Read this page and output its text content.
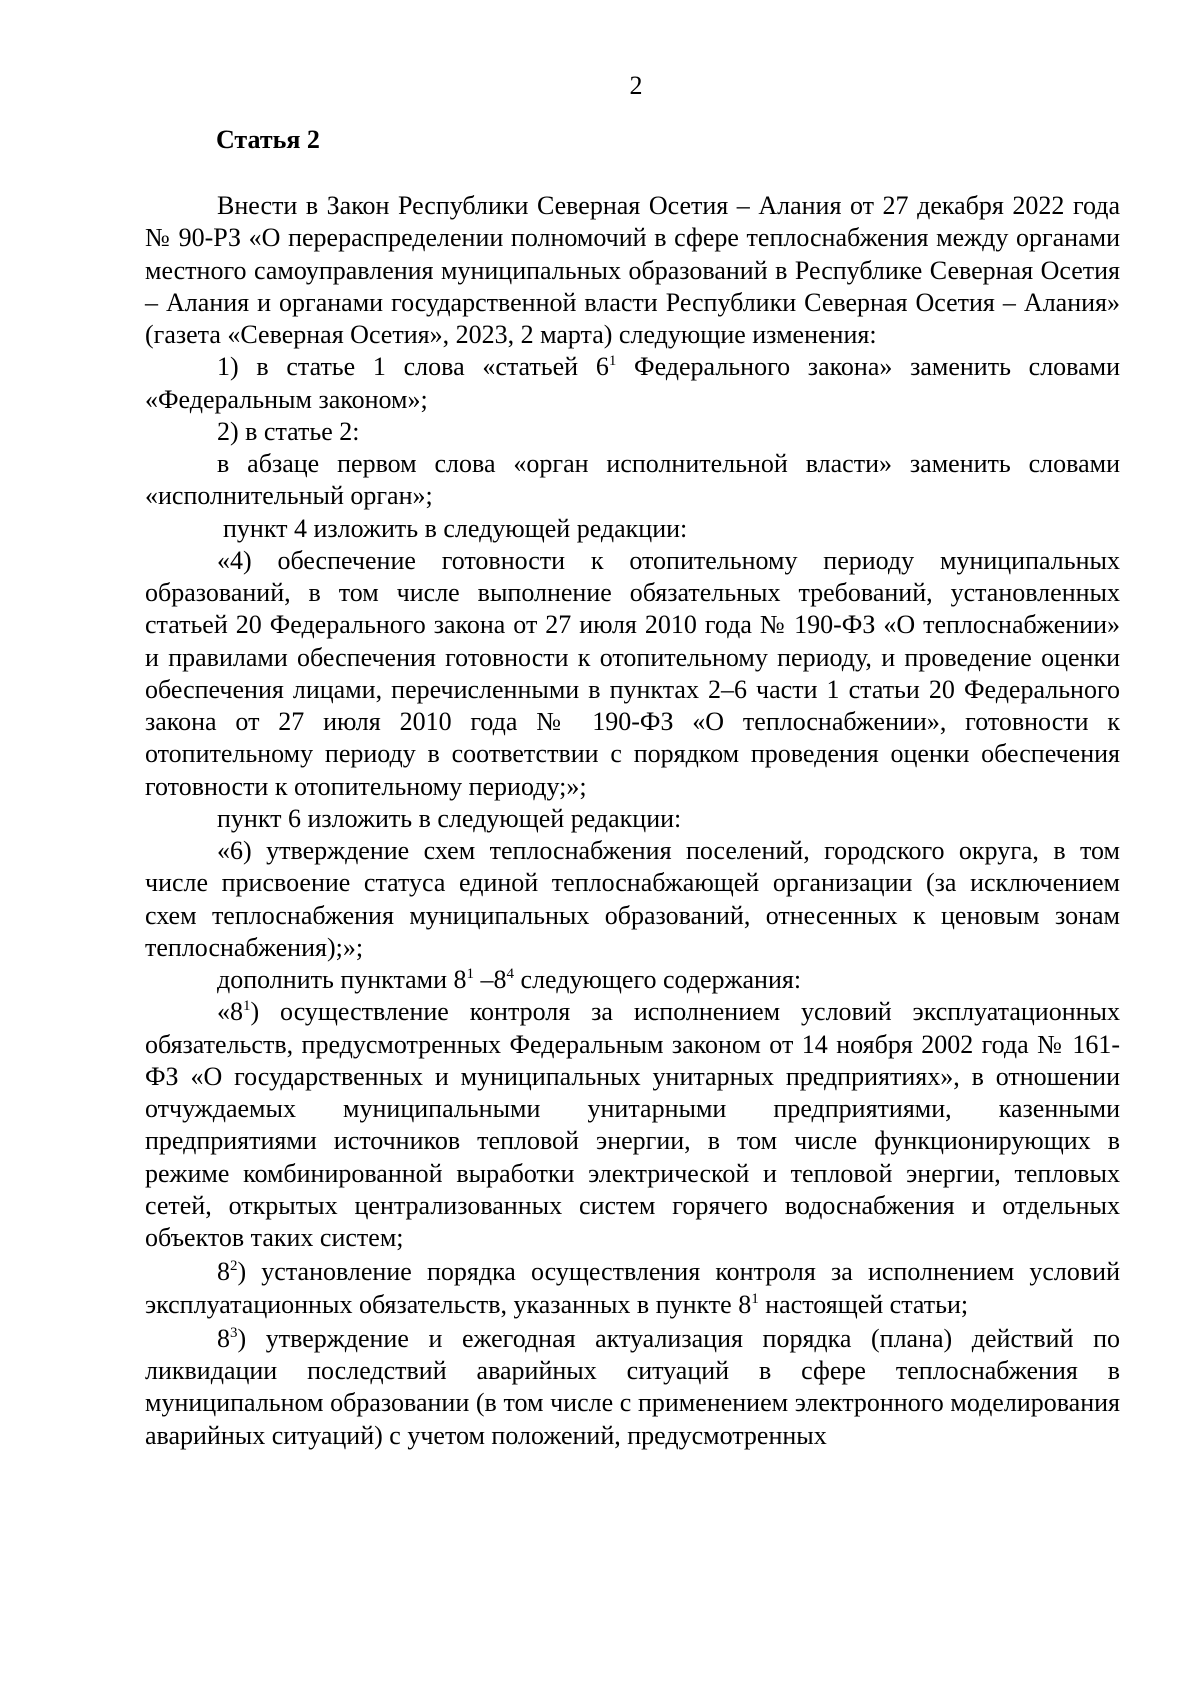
2
Статья 2

Внести в Закон Республики Северная Осетия – Алания от 27 декабря 2022 года № 90-РЗ «О перераспределении полномочий в сфере теплоснабжения между органами местного самоуправления муниципальных образований в Республике Северная Осетия – Алания и органами государственной власти Республики Северная Осетия – Алания» (газета «Северная Осетия», 2023, 2 марта) следующие изменения:

1) в статье 1 слова «статьей $6^1$ Федерального закона» заменить словами «Федеральным законом»;

2) в статье 2:

в абзаце первом слова «орган исполнительной власти» заменить словами «исполнительный орган»;

пункт 4 изложить в следующей редакции:

«4) обеспечение готовности к отопительному периоду муниципальных образований, в том числе выполнение обязательных требований, установленных статьей 20 Федерального закона от 27 июля 2010 года № 190-ФЗ «О теплоснабжении» и правилами обеспечения готовности к отопительному периоду, и проведение оценки обеспечения лицами, перечисленными в пунктах 2–6 части 1 статьи 20 Федерального закона от 27 июля 2010 года № 190-ФЗ «О теплоснабжении», готовности к отопительному периоду в соответствии с порядком проведения оценки обеспечения готовности к отопительному периоду;»;

пункт 6 изложить в следующей редакции:

«6) утверждение схем теплоснабжения поселений, городского округа, в том числе присвоение статуса единой теплоснабжающей организации (за исключением схем теплоснабжения муниципальных образований, отнесенных к ценовым зонам теплоснабжения);»;

дополнить пунктами $8^1$ $-8^4$ следующего содержания:

«$8^1$) осуществление контроля за исполнением условий эксплуатационных обязательств, предусмотренных Федеральным законом от 14 ноября 2002 года № 161-ФЗ «О государственных и муниципальных унитарных предприятиях», в отношении отчуждаемых муниципальными унитарными предприятиями, казенными предприятиями источников тепловой энергии, в том числе функционирующих в режиме комбинированной выработки электрической и тепловой энергии, тепловых сетей, открытых централизованных систем горячего водоснабжения и отдельных объектов таких систем;

$8^2$) установление порядка осуществления контроля за исполнением условий эксплуатационных обязательств, указанных в пункте $8^1$ настоящей статьи;

$8^3$) утверждение и ежегодная актуализация порядка (плана) действий по ликвидации последствий аварийных ситуаций в сфере теплоснабжения в муниципальном образовании (в том числе с применением электронного моделирования аварийных ситуаций) с учетом положений, предусмотренных
